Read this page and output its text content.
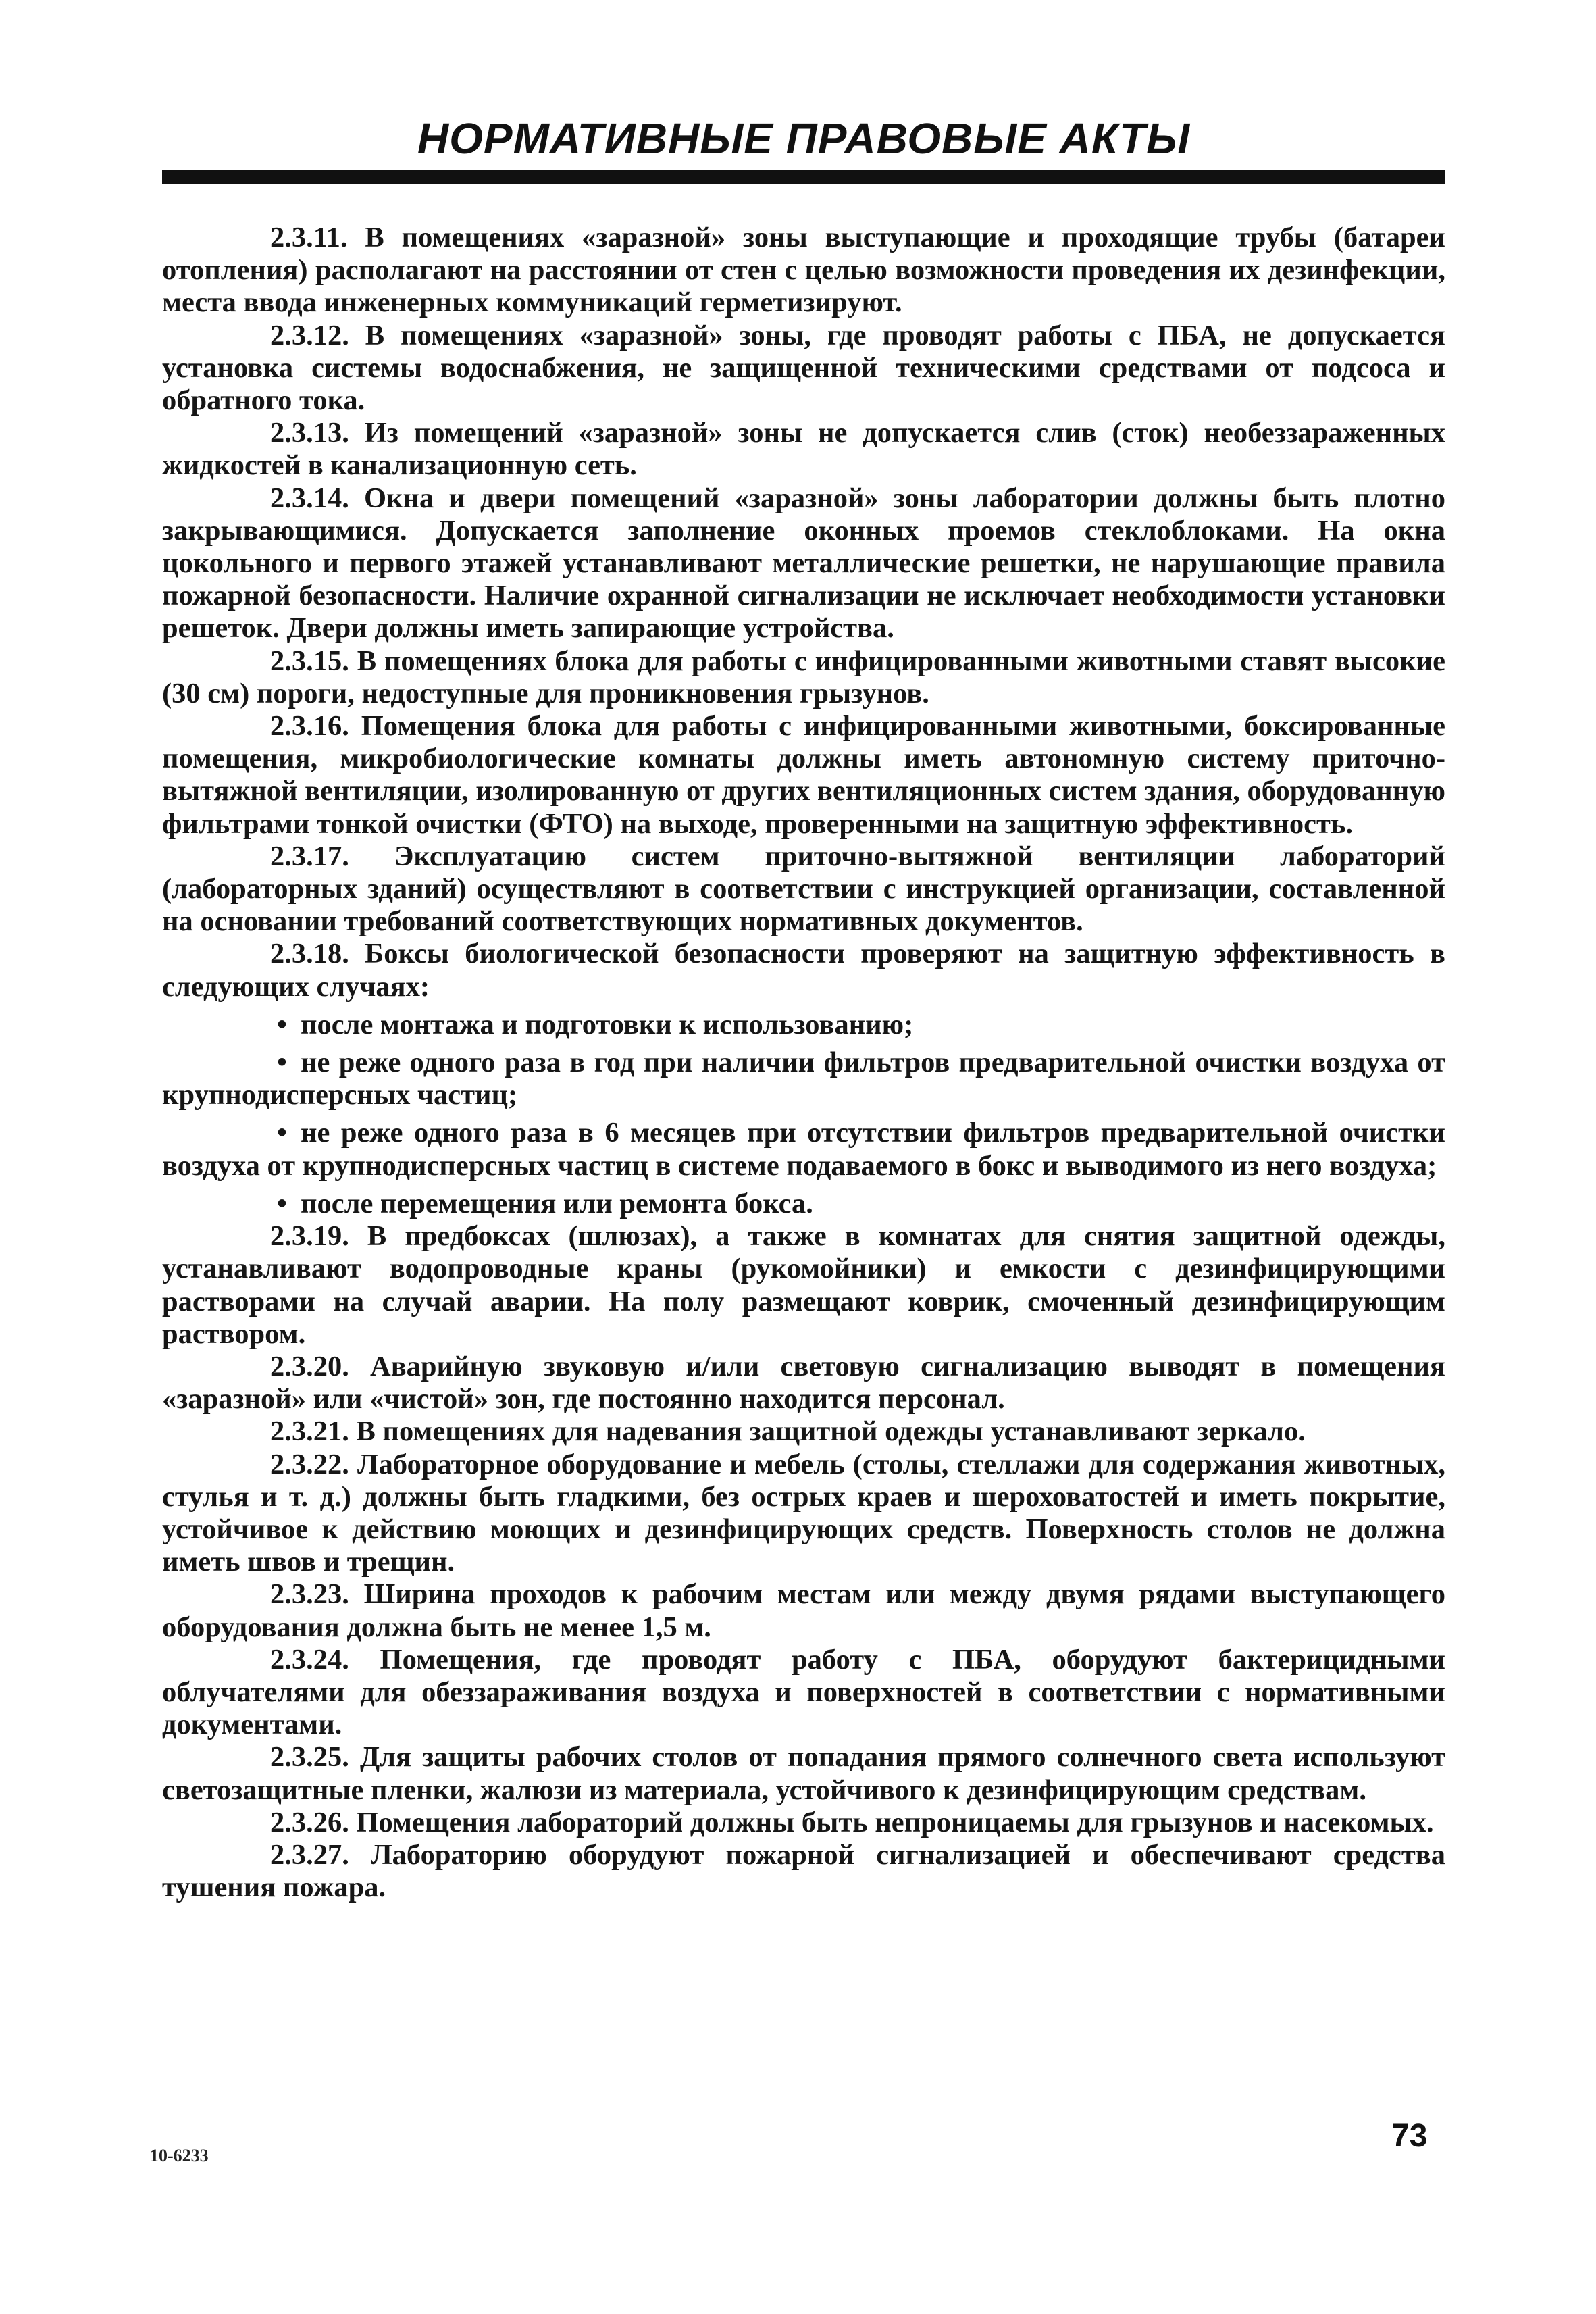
НОРМАТИВНЫЕ ПРАВОВЫЕ АКТЫ

2.3.11. В помещениях «заразной» зоны выступающие и проходящие трубы (батареи отопления) располагают на расстоянии от стен с целью возможности проведения их дезинфекции, места ввода инженерных коммуникаций герметизируют.

2.3.12. В помещениях «заразной» зоны, где проводят работы с ПБА, не допускается установка системы водоснабжения, не защищенной техническими средствами от подсоса и обратного тока.

2.3.13. Из помещений «заразной» зоны не допускается слив (сток) необеззараженных жидкостей в канализационную сеть.

2.3.14. Окна и двери помещений «заразной» зоны лаборатории должны быть плотно закрывающимися. Допускается заполнение оконных проемов стеклоблоками. На окна цокольного и первого этажей устанавливают металлические решетки, не нарушающие правила пожарной безопасности. Наличие охранной сигнализации не исключает необходимости установки решеток. Двери должны иметь запирающие устройства.

2.3.15. В помещениях блока для работы с инфицированными животными ставят высокие (30 см) пороги, недоступные для проникновения грызунов.

2.3.16. Помещения блока для работы с инфицированными животными, боксированные помещения, микробиологические комнаты должны иметь автономную систему приточно-вытяжной вентиляции, изолированную от других вентиляционных систем здания, оборудованную фильтрами тонкой очистки (ФТО) на выходе, проверенными на защитную эффективность.

2.3.17. Эксплуатацию систем приточно-вытяжной вентиляции лабораторий (лабораторных зданий) осуществляют в соответствии с инструкцией организации, составленной на основании требований соответствующих нормативных документов.

2.3.18. Боксы биологической безопасности проверяют на защитную эффективность в следующих случаях:

• после монтажа и подготовки к использованию;

• не реже одного раза в год при наличии фильтров предварительной очистки воздуха от крупнодисперсных частиц;

• не реже одного раза в 6 месяцев при отсутствии фильтров предварительной очистки воздуха от крупнодисперсных частиц в системе подаваемого в бокс и выводимого из него воздуха;

• после перемещения или ремонта бокса.

2.3.19. В предбоксах (шлюзах), а также в комнатах для снятия защитной одежды, устанавливают водопроводные краны (рукомойники) и емкости с дезинфицирующими растворами на случай аварии. На полу размещают коврик, смоченный дезинфицирующим раствором.

2.3.20. Аварийную звуковую и/или световую сигнализацию выводят в помещения «заразной» или «чистой» зон, где постоянно находится персонал.

2.3.21. В помещениях для надевания защитной одежды устанавливают зеркало.

2.3.22. Лабораторное оборудование и мебель (столы, стеллажи для содержания животных, стулья и т. д.) должны быть гладкими, без острых краев и шероховатостей и иметь покрытие, устойчивое к действию моющих и дезинфицирующих средств. Поверхность столов не должна иметь швов и трещин.

2.3.23. Ширина проходов к рабочим местам или между двумя рядами выступающего оборудования должна быть не менее 1,5 м.

2.3.24. Помещения, где проводят работу с ПБА, оборудуют бактерицидными облучателями для обеззараживания воздуха и поверхностей в соответствии с нормативными документами.

2.3.25. Для защиты рабочих столов от попадания прямого солнечного света используют светозащитные пленки, жалюзи из материала, устойчивого к дезинфицирующим средствам.

2.3.26. Помещения лабораторий должны быть непроницаемы для грызунов и насекомых.

2.3.27. Лабораторию оборудуют пожарной сигнализацией и обеспечивают средства тушения пожара.

10-6233
73
